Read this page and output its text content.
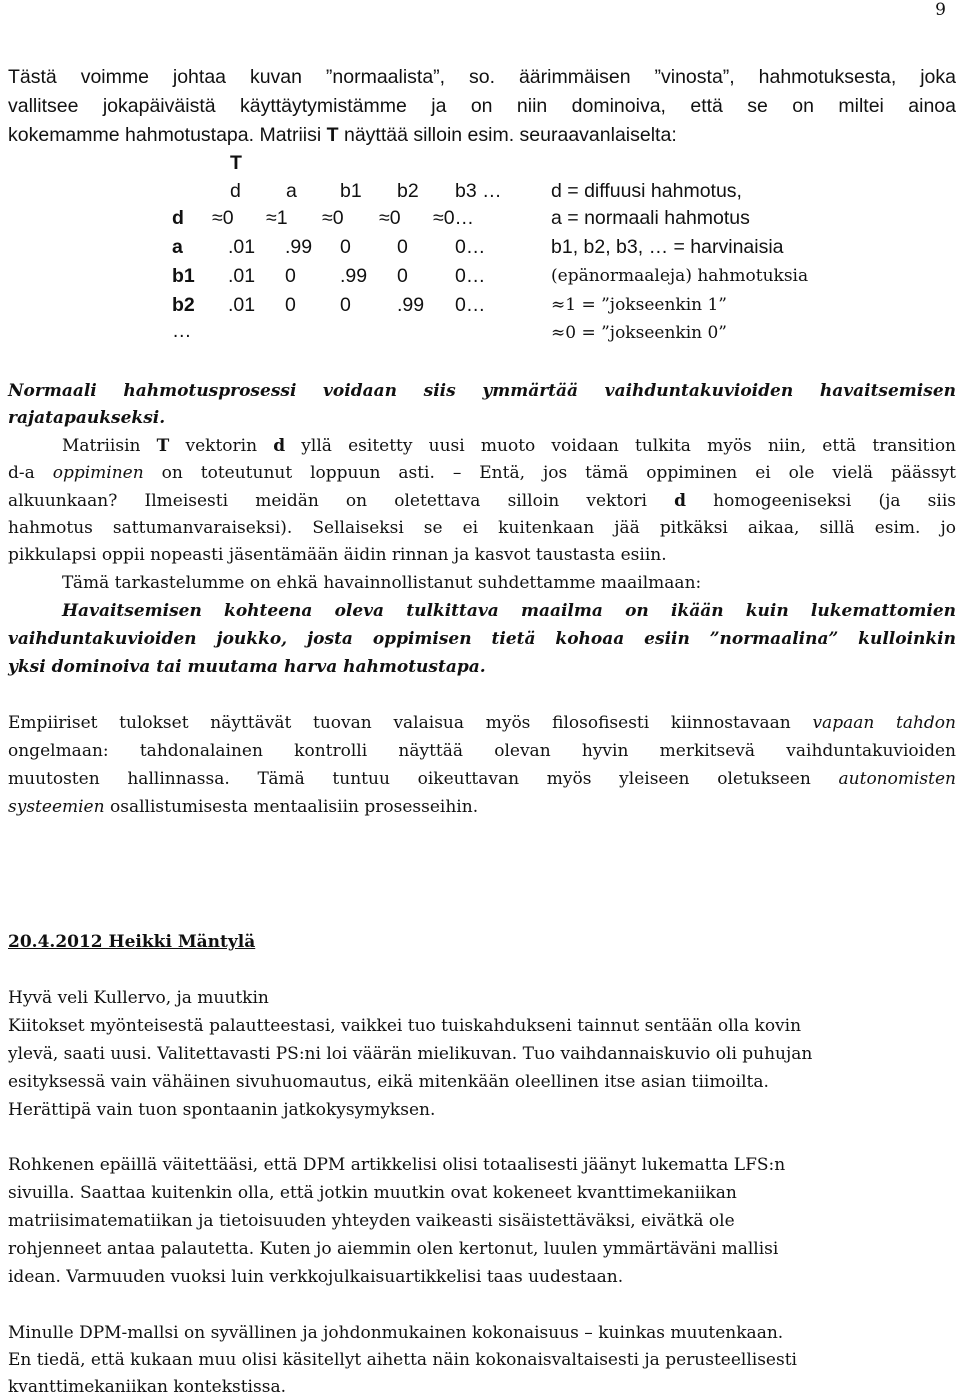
9
Tästä voimme johtaa kuvan ”normaalista”, so. äärimmäisen ”vinosta”, hahmotuksesta, joka
vallitsee jokapäiväistä käyttäytymistämme ja on niin dominoiva, että se on miltei ainoa
kokemamme hahmotustapa. Matriisi T näyttää silloin esim. seuraavanlaiselta:
T
d a b1 b2 b3 …
d ≈0 ≈1 ≈0 ≈0 ≈0…
a .01 .99 0 0 0…
b1 .01 0 .99 0 0…
b2 .01 0 0 .99 0…
…
d = diffuusi hahmotus,
a = normaali hahmotus
b1, b2, b3, … = harvinaisia
(epänormaaleja) hahmotuksia
≈1 = ”jokseenkin 1”
≈0 = ”jokseenkin 0”
Normaali hahmotusprosessi voidaan siis ymmärtää vaihduntakuvioiden havaitsemisen
rajatapaukseksi.
Matriisin T vektorin d yllä esitetty uusi muoto voidaan tulkita myös niin, että transition
d-a oppiminen on toteutunut loppuun asti. – Entä, jos tämä oppiminen ei ole vielä päässyt
alkuunkaan? Ilmeisesti meidän on oletettava silloin vektori d homogeeniseksi (ja siis
hahmotus sattumanvaraiseksi). Sellaiseksi se ei kuitenkaan jää pitkäksi aikaa, sillä esim. jo
pikkulapsi oppii nopeasti jäsentämään äidin rinnan ja kasvot taustasta esiin.
Tämä tarkastelumme on ehkä havainnollistanut suhdettamme maailmaan:
Havaitsemisen kohteena oleva tulkittava maailma on ikään kuin lukemattomien
vaihduntakuvioiden joukko, josta oppimisen tietä kohoaa esiin ”normaalina” kulloinkin
yksi dominoiva tai muutama harva hahmotustapa.
Empiiriset tulokset näyttävät tuovan valaisua myös filosofisesti kiinnostavaan vapaan tahdon
ongelmaan: tahdonalainen kontrolli näyttää olevan hyvin merkitsevä vaihduntakuvioiden
muutosten hallinnassa. Tämä tuntuu oikeuttavan myös yleiseen oletukseen autonomisten
systeemien osallistumisesta mentaalisiin prosesseihin.
20.4.2012 Heikki Mäntylä
Hyvä veli Kullervo, ja muutkin
Kiitokset myönteisestä palautteestasi, vaikkei tuo tuiskahdukseni tainnut sentään olla kovin
ylevä, saati uusi. Valitettavasti PS:ni loi väärän mielikuvan. Tuo vaihdannaiskuvio oli puhujan
esityksessä vain vähäinen sivuhuomautus, eikä mitenkään oleellinen itse asian tiimoilta.
Herättipä vain tuon spontaanin jatkokysymyksen.
Rohkenen epäillä väitettääsi, että DPM artikkelisi olisi totaalisesti jäänyt lukematta LFS:n
sivuilla. Saattaa kuitenkin olla, että jotkin muutkin ovat kokeneet kvanttimekaniikan
matriisimatematiikan ja tietoisuuden yhteyden vaikeasti sisäistettäväksi, eivätkä ole
rohjenneet antaa palautetta. Kuten jo aiemmin olen kertonut, luulen ymmärtäväni mallisi
idean. Varmuuden vuoksi luin verkkojulkaisuartikkelisi taas uudestaan.
Minulle DPM-mallsi on syvällinen ja johdonmukainen kokonaisuus – kuinkas muutenkaan.
En tiedä, että kukaan muu olisi käsitellyt aihetta näin kokonaisvaltaisesti ja perusteellisesti
kvanttimekaniikan kontekstissa.
